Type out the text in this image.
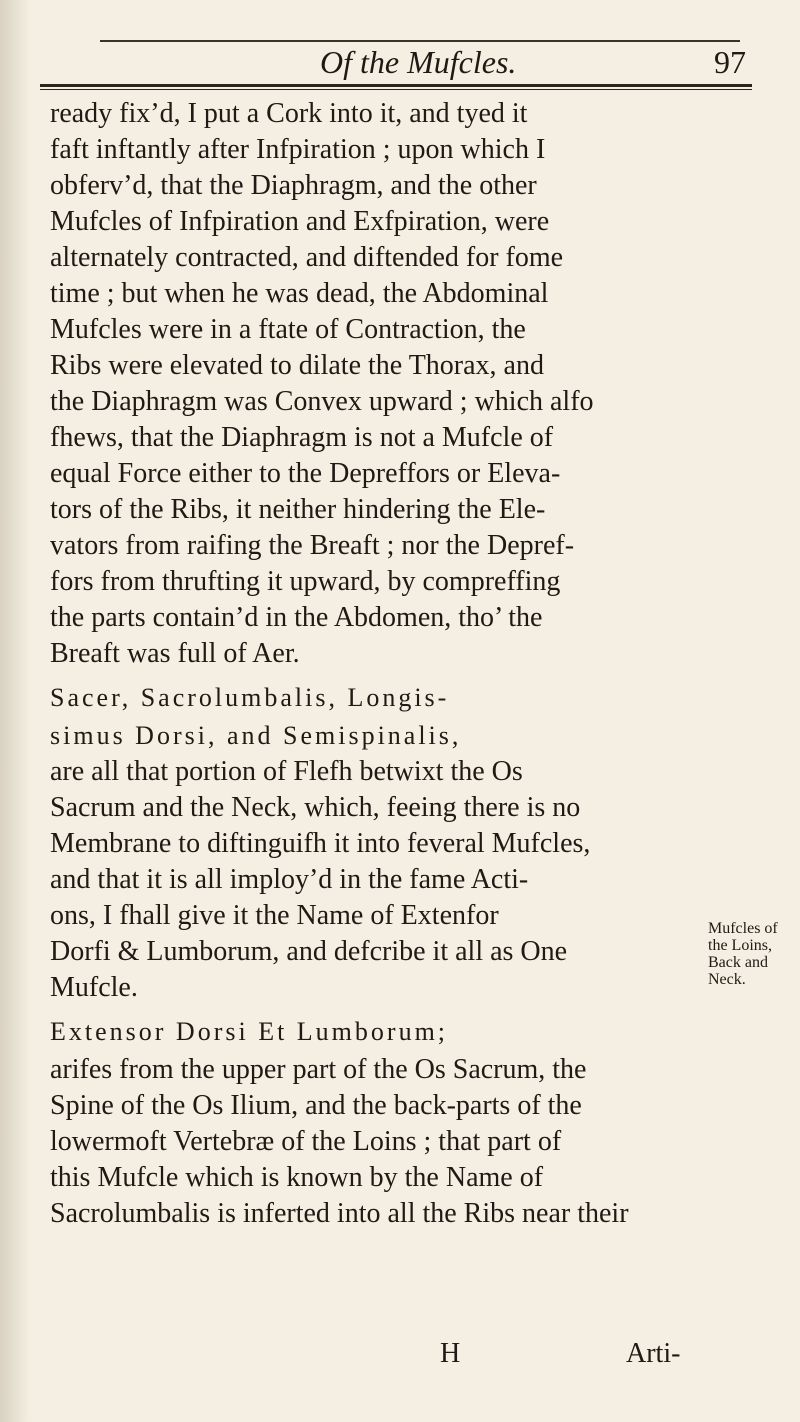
Of the Mufcles.	97
ready fix’d, I put a Cork into it, and tyed it
faft inftantly after Infpiration ; upon which I
obferv’d, that the Diaphragm, and the other
Mufcles of Infpiration and Exfpiration, were
alternately contracted, and diftended for fome
time ; but when he was dead, the Abdominal
Mufcles were in a ftate of Contraction, the
Ribs were elevated to dilate the Thorax, and
the Diaphragm was Convex upward ; which alfo
fhews, that the Diaphragm is not a Mufcle of
equal Force either to the Depreffors or Eleva-
tors of the Ribs, it neither hindering the Ele-
vators from raifing the Breaft ; nor the Depref-
fors from thrufting it upward, by compreffing
the parts contain’d in the Abdomen, tho’ the
Breaft was full of Aer.
Sacer, Sacrolumbalis, Longis-
simus Dorsi, and Semispinalis,
are all that portion of Flefh betwixt the Os
Sacrum and the Neck, which, feeing there is no
Membrane to diftinguifh it into feveral Mufcles,
and that it is all imploy’d in the fame Acti-
ons, I fhall give it the Name of Extenfor
Dorfi & Lumborum, and defcribe it all as One
Mufcle.
Extensor Dorsi Et Lumborum;
arifes from the upper part of the Os Sacrum, the
Spine of the Os Ilium, and the back-parts of the
lowermoft Vertebræ of the Loins ; that part of
this Mufcle which is known by the Name of
Sacrolumbalis is inferted into all the Ribs near their
Mufcles of
the Loins,
Back and
Neck.
H	Arti-
